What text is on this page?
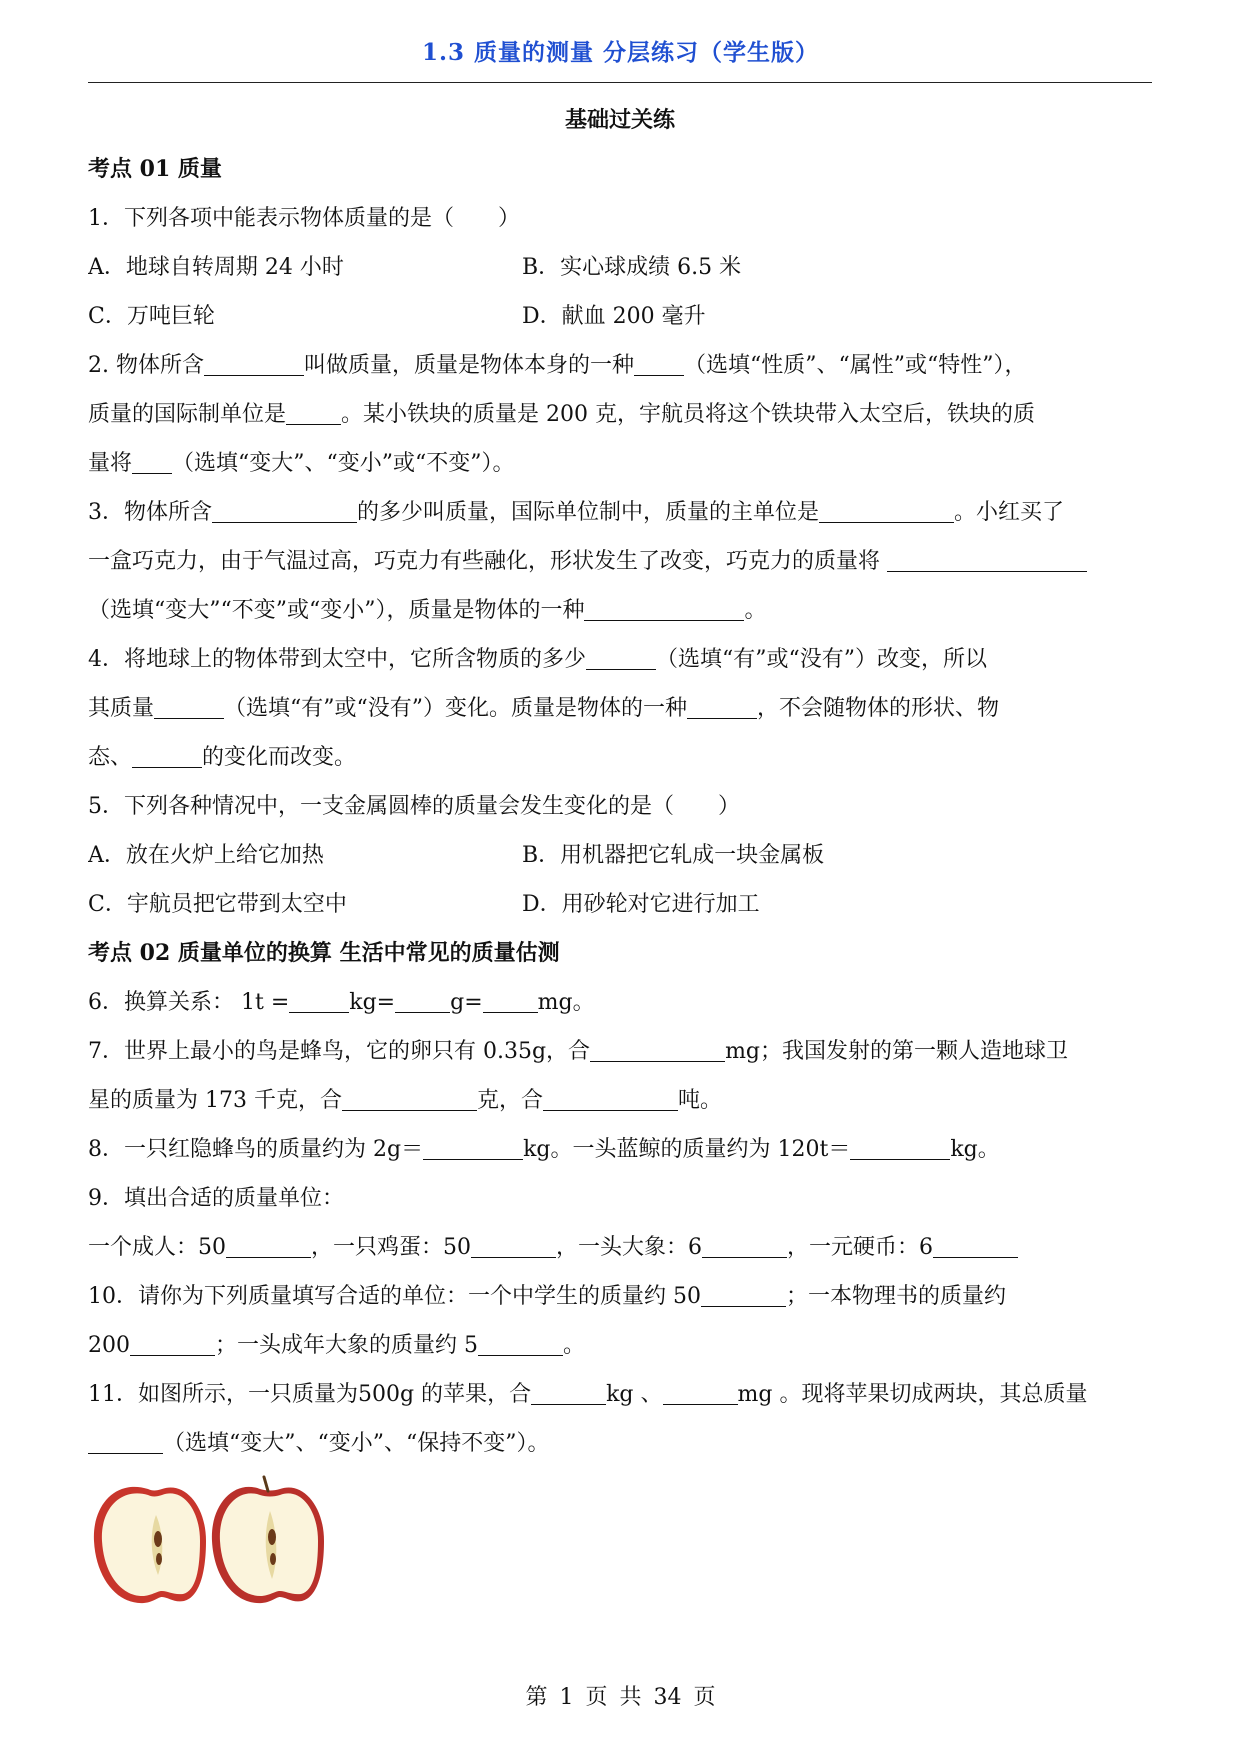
1.3 质量的测量 分层练习（学生版）
基础过关练
考点 01 质量
1．下列各项中能表示物体质量的是（　　）
A．地球自转周期 24 小时	B．实心球成绩 6.5 米
C．万吨巨轮	D．献血 200 毫升
2. 物体所含	叫做质量，质量是物体本身的一种 （选填“性质”、“属性”或“特性”），
质量的国际制单位是	。某小铁块的质量是 200 克，宇航员将这个铁块带入太空后，铁块的质
量将 （选填“变大”、“变小”或“不变”）。
3．物体所含	的多少叫质量，国际单位制中，质量的主单位是	。小红买了
一盒巧克力，由于气温过高，巧克力有些融化，形状发生了改变，巧克力的质量将
（选填“变大”“不变”或“变小”），质量是物体的一种	。
4．将地球上的物体带到太空中，它所含物质的多少	（选填“有”或“没有”）改变，所以
其质量	（选填“有”或“没有”）变化。质量是物体的一种	，不会随物体的形状、物
态、	的变化而改变。
5．下列各种情况中，一支金属圆棒的质量会发生变化的是（　　）
A．放在火炉上给它加热	B．用机器把它轧成一块金属板
C．宇航员把它带到太空中	D．用砂轮对它进行加工
考点 02 质量单位的换算 生活中常见的质量估测
6．换算关系： 1t =	kg=	g=	mg。
7．世界上最小的鸟是蜂鸟，它的卵只有 0.35g，合	mg；我国发射的第一颗人造地球卫
星的质量为 173 千克，合	克，合	吨。
8．一只红隐蜂鸟的质量约为 2g＝	kg。一头蓝鲸的质量约为 120t＝	kg。
9．填出合适的质量单位：
一个成人：50	，一只鸡蛋：50	，一头大象：6	，一元硬币：6
10．请你为下列质量填写合适的单位：一个中学生的质量约 50	；一本物理书的质量约
200	；一头成年大象的质量约 5	。
11．如图所示，一只质量为500g 的苹果，合	kg 、	mg 。现将苹果切成两块，其总质量
（选填“变大”、“变小”、“保持不变”）。
第 1 页 共 34 页
